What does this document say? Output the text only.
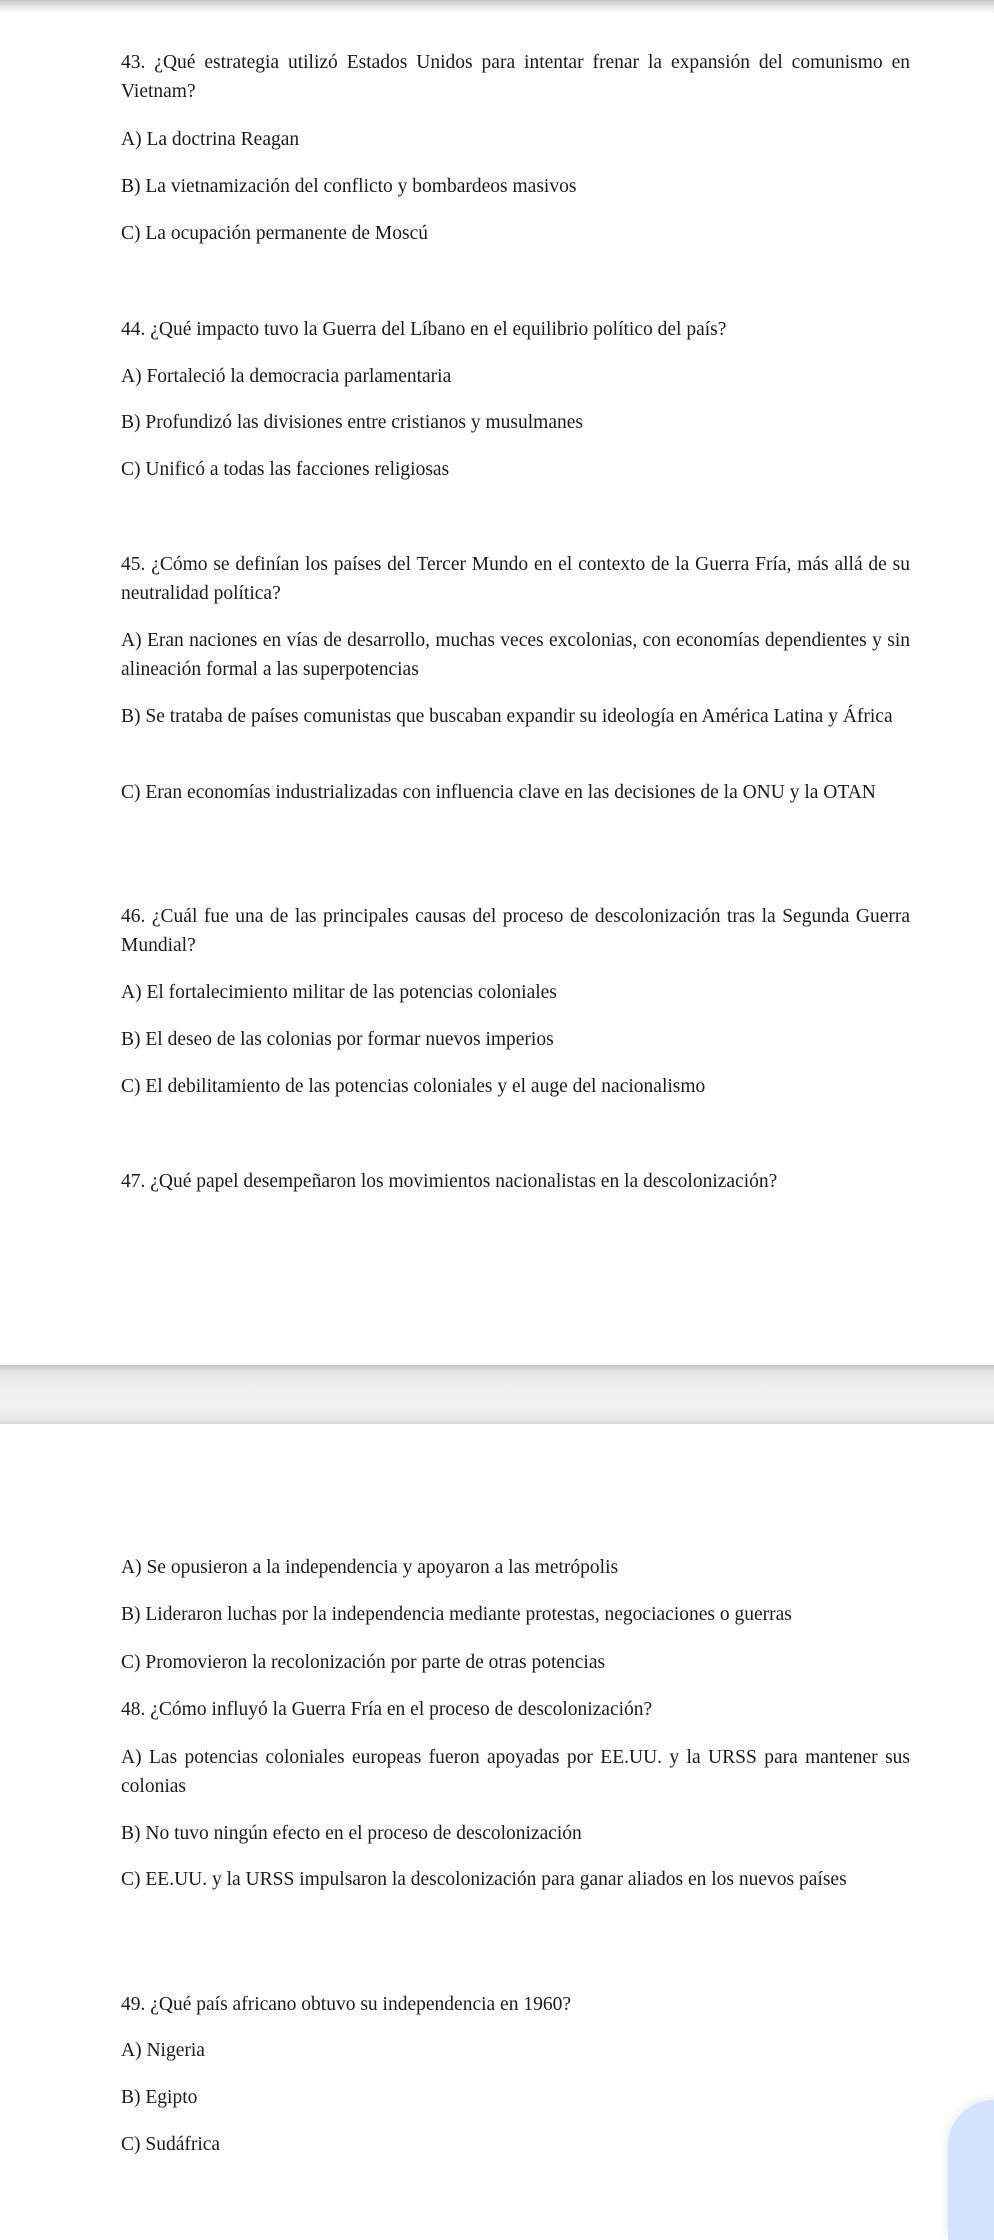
43. ¿Qué estrategia utilizó Estados Unidos para intentar frenar la expansión del comunismo en Vietnam?
A) La doctrina Reagan
B) La vietnamización del conflicto y bombardeos masivos
C) La ocupación permanente de Moscú
44. ¿Qué impacto tuvo la Guerra del Líbano en el equilibrio político del país?
A) Fortaleció la democracia parlamentaria
B) Profundizó las divisiones entre cristianos y musulmanes
C) Unificó a todas las facciones religiosas
45. ¿Cómo se definían los países del Tercer Mundo en el contexto de la Guerra Fría, más allá de su neutralidad política?
A) Eran naciones en vías de desarrollo, muchas veces excolonias, con economías dependientes y sin alineación formal a las superpotencias
B) Se trataba de países comunistas que buscaban expandir su ideología en América Latina y África
C) Eran economías industrializadas con influencia clave en las decisiones de la ONU y la OTAN
46. ¿Cuál fue una de las principales causas del proceso de descolonización tras la Segunda Guerra Mundial?
A) El fortalecimiento militar de las potencias coloniales
B) El deseo de las colonias por formar nuevos imperios
C) El debilitamiento de las potencias coloniales y el auge del nacionalismo
47. ¿Qué papel desempeñaron los movimientos nacionalistas en la descolonización?
A) Se opusieron a la independencia y apoyaron a las metrópolis
B) Lideraron luchas por la independencia mediante protestas, negociaciones o guerras
C) Promovieron la recolonización por parte de otras potencias
48. ¿Cómo influyó la Guerra Fría en el proceso de descolonización?
A) Las potencias coloniales europeas fueron apoyadas por EE.UU. y la URSS para mantener sus colonias
B) No tuvo ningún efecto en el proceso de descolonización
C) EE.UU. y la URSS impulsaron la descolonización para ganar aliados en los nuevos países
49. ¿Qué país africano obtuvo su independencia en 1960?
A) Nigeria
B) Egipto
C) Sudáfrica
